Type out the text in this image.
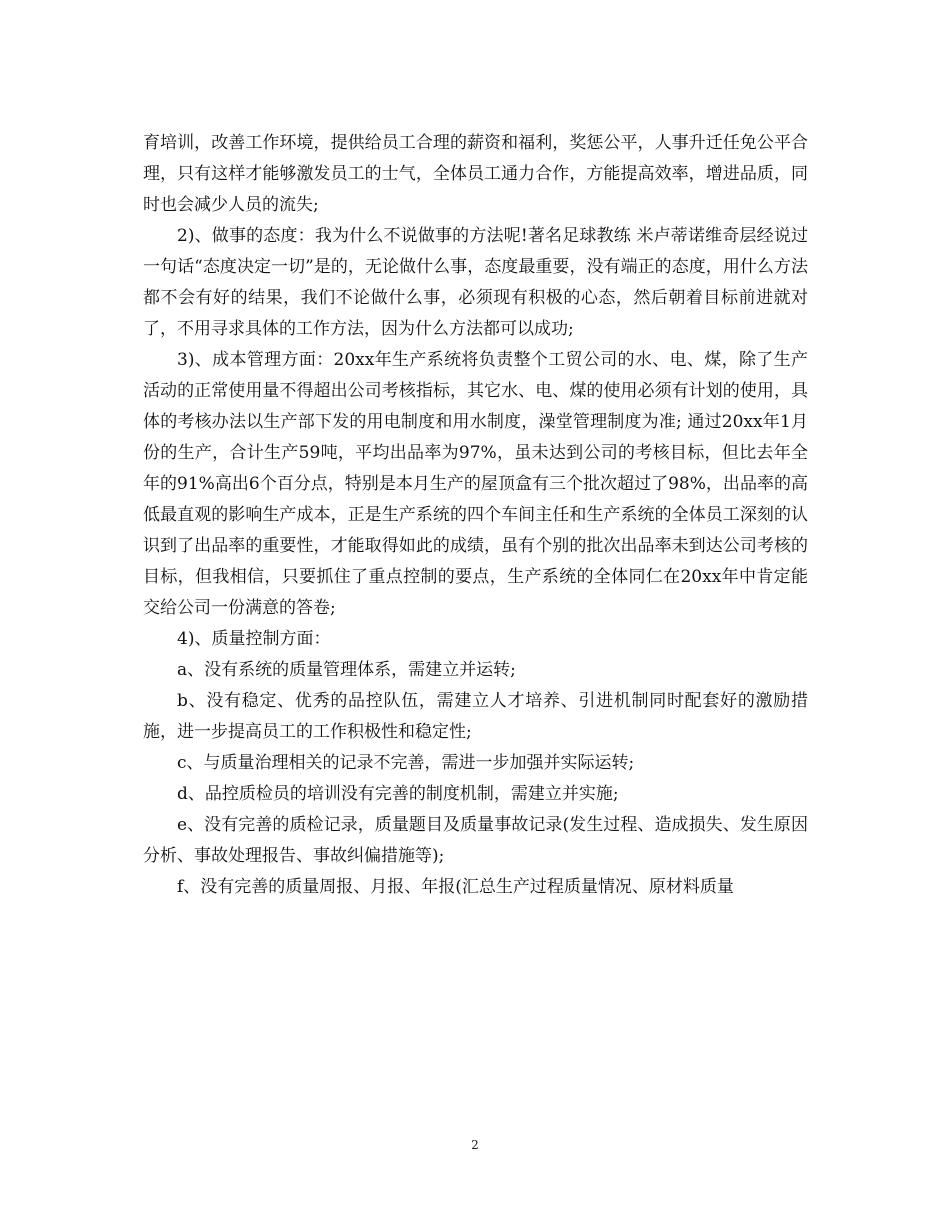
育培训，改善工作环境，提供给员工合理的薪资和福利，奖惩公平，人事升迁任免公平合理，只有这样才能够激发员工的士气，全体员工通力合作，方能提高效率，增进品质，同时也会减少人员的流失;

2)、做事的态度：我为什么不说做事的方法呢!著名足球教练 米卢蒂诺维奇层经说过一句话“态度决定一切”是的，无论做什么事，态度最重要，没有端正的态度，用什么方法都不会有好的结果，我们不论做什么事，必须现有积极的心态，然后朝着目标前进就对了，不用寻求具体的工作方法，因为什么方法都可以成功;

3)、成本管理方面：20xx年生产系统将负责整个工贸公司的水、电、煤，除了生产活动的正常使用量不得超出公司考核指标，其它水、电、煤的使用必须有计划的使用，具体的考核办法以生产部下发的用电制度和用水制度，澡堂管理制度为准; 通过20xx年1月份的生产，合计生产59吨，平均出品率为97%，虽未达到公司的考核目标，但比去年全年的91%高出6个百分点，特别是本月生产的屋顶盒有三个批次超过了98%，出品率的高低最直观的影响生产成本，正是生产系统的四个车间主任和生产系统的全体员工深刻的认识到了出品率的重要性，才能取得如此的成绩，虽有个别的批次出品率未到达公司考核的目标，但我相信，只要抓住了重点控制的要点，生产系统的全体同仁在20xx年中肯定能交给公司一份满意的答卷;

4)、质量控制方面：

a、没有系统的质量管理体系，需建立并运转;

b、没有稳定、优秀的品控队伍，需建立人才培养、引进机制同时配套好的激励措施，进一步提高员工的工作积极性和稳定性;

c、与质量治理相关的记录不完善，需进一步加强并实际运转;

d、品控质检员的培训没有完善的制度机制，需建立并实施;

e、没有完善的质检记录，质量题目及质量事故记录(发生过程、造成损失、发生原因分析、事故处理报告、事故纠偏措施等);

f、没有完善的质量周报、月报、年报(汇总生产过程质量情况、原材料质量

2
